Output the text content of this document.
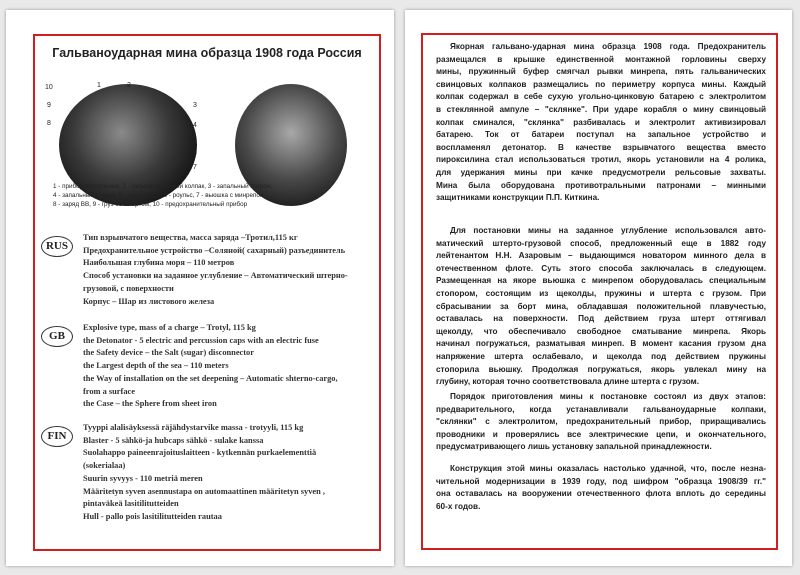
Гальваноударная мина образца 1908 года Россия
10
9
8
1	2
3
4
5
6
7
1 - прибор потопления, 2 - гальваноударный колпак, 3 - запальный патрон,
4 - запальный стакан, 5 - лапа якоря, 6 - роульс, 7 - вьюшка с минрепом,
8 - заряд ВВ, 9 - груз со штертом, 10 - предохранительный прибор
RUS
Тип взрывчатого вещества, масса заряда –Тротил,115 кг
Предохранительное устройство –Соляной( сахарный) разъединитель
Наибольшая глубина моря – 110 метров
Способ установки на заданное углубление – Автоматический штерно-
грузовой, с поверхности
Корпус – Шар из листового железа
GB
Explosive type, mass of a charge – Trotyl, 115 kg
the Detonator - 5 electric and percussion caps with an electric fuse
the Safety device – the Salt (sugar) disconnector
the Largest depth of the sea – 110 meters
the Way of installation on the set deepening – Automatic shterno-cargo,
from a surface
the Case – the Sphere from sheet iron
FIN
Tyyppi alalisäyksessä räjähdystarvike massa - trotyyli, 115 kg
Blaster - 5 sähkö-ja hubcaps sähkö - sulake kanssa
Suolahappo paineenrajoituslaitteen - kytkennän purkaelementtiä
(sokerialaa)
Suurin syvyys - 110 metriä meren
Määritetyn syven asennustapa on automaattinen määritetyn syven ,
pintaväkeä lasitilitutteiden
Hull - pallo pois lasitilitutteiden rautaa
Якорная гальвано-ударная мина образца 1908 года. Предохранитель
размещался в крышке единственной монтажной горловины сверху
мины, пружинный буфер смягчал рывки минрепа, пять гальванических
свинцовых колпаков размещались по периметру корпуса мины. Каждый
колпак содержал в себе сухую угольно-цинковую батарею с электролитом
в стеклянной ампуле – "склянке". При ударе корабля о мину свинцовый
колпак сминался, "склянка" разбивалась и электролит активизировал
батарею. Ток от батареи поступал на запальное устройство и
воспламенял детонатор. В качестве взрывчатого вещества вместо
пироксилина стал использоваться тротил, якорь установили на 4 ролика,
для удержания мины при качке предусмотрели рельсовые захваты.
Мина была оборудована противотральными патронами – минными
защитниками конструкции П.П. Киткина.
Для постановки мины на заданное углубление использовался авто-
матический штерто-грузовой способ, предложенный еще в 1882 году
лейтенантом Н.Н. Азаровым – выдающимся новатором минного дела в
отечественном флоте. Суть этого способа заключалась в следующем.
Размещенная на якоре вьюшка с минрепом оборудовалась специальным
стопором, состоящим из щеколды, пружины и штерта с грузом. При
сбрасывании за борт мина, обладавшая положительной плавучестью,
оставалась на поверхности. Под действием груза штерт оттягивал
щеколду, что обеспечивало свободное сматывание минрепа. Якорь
начинал погружаться, разматывая минреп. В момент касания грузом дна
напряжение штерта ослабевало, и щеколда под действием пружины
стопорила вьюшку. Продолжая погружаться, якорь увлекал мину на
глубину, которая точно соответствовала длине штерта с грузом.
Порядок приготовления мины к постановке состоял из двух этапов:
предварительного, когда устанавливали гальваноударные колпаки,
"склянки" с электролитом, предохранительный прибор, приращивались
проводники и проверялись все электрические цепи, и окончательного,
предусматривающего лишь установку запальной принадлежности.
Конструкция этой мины оказалась настолько удачной, что, после незна-
чительной модернизации в 1939 году, под шифром "образца 1908/39 гг."
она оставалась на вооружении отечественного флота вплоть до середины
60-х годов.
